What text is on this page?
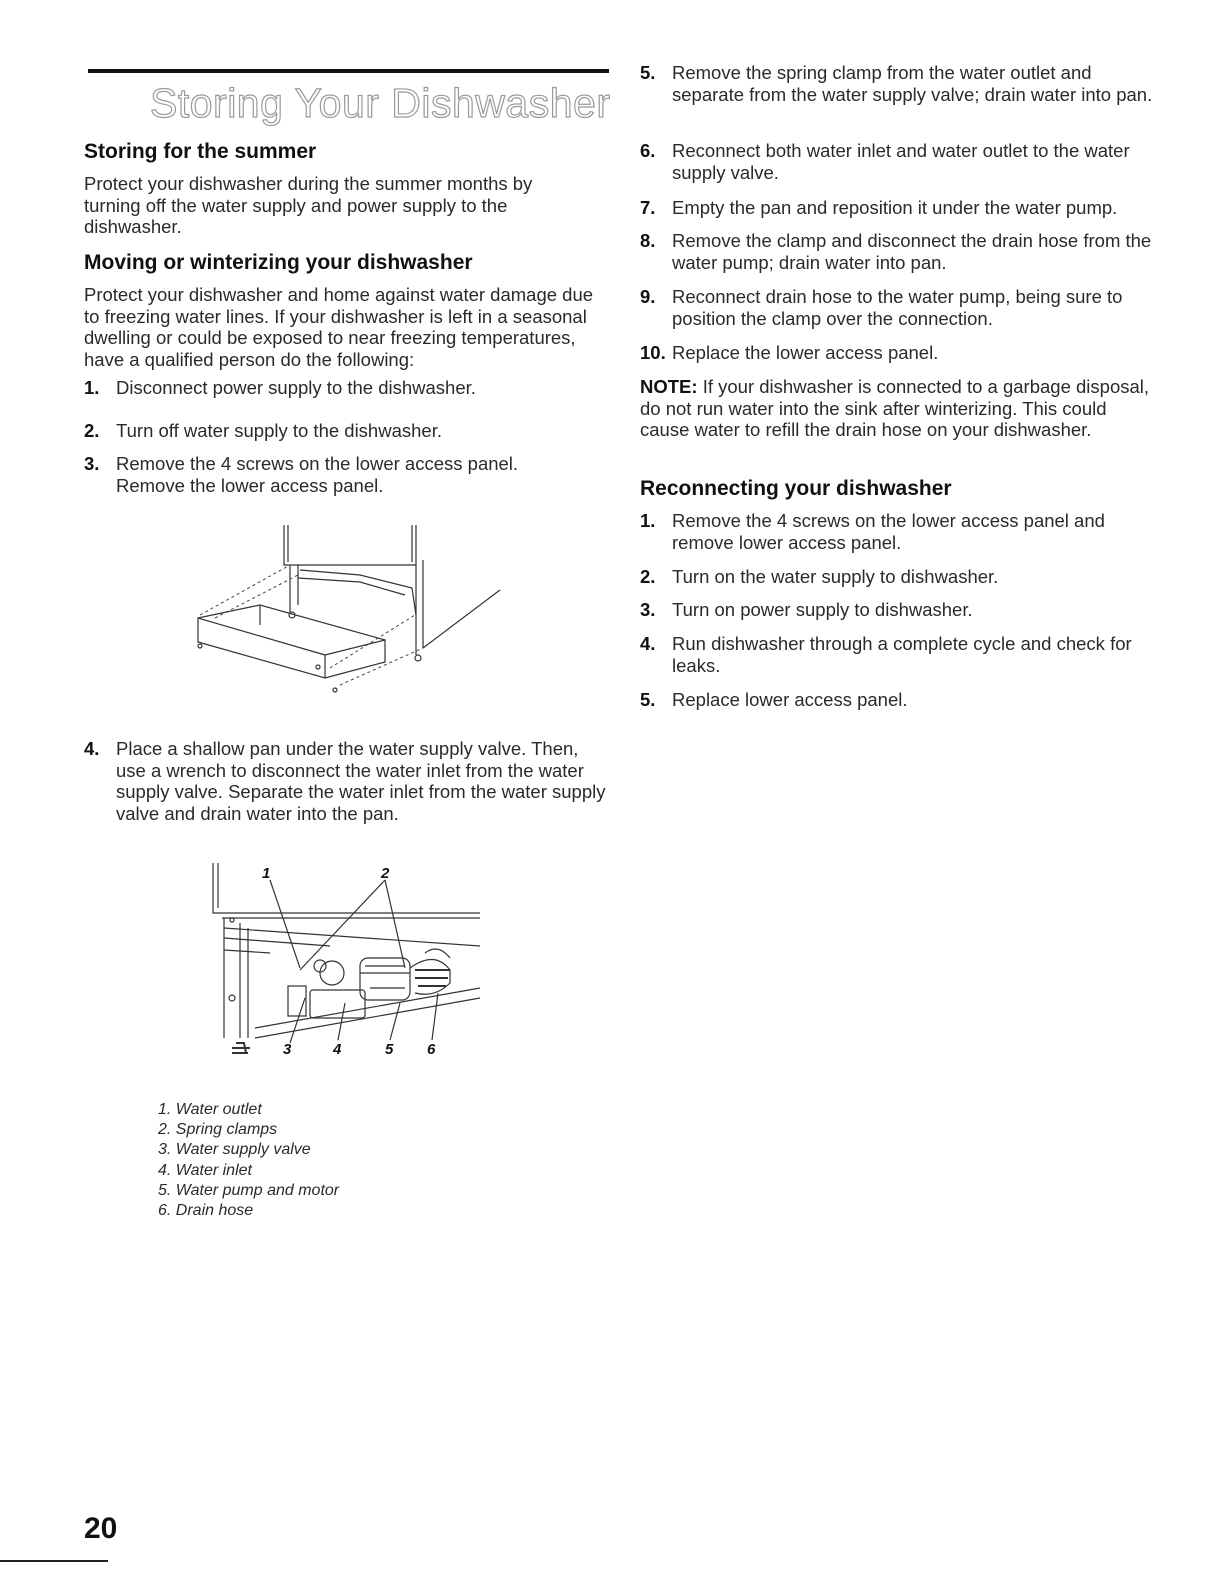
Storing Your Dishwasher
Storing for the summer

Protect your dishwasher during the summer months by turning off the water supply and power supply to the dishwasher.

Moving or winterizing your dishwasher

Protect your dishwasher and home against water damage due to freezing water lines. If your dishwasher is left in a seasonal dwelling or could be exposed to near freezing temperatures, have a qualified person do the following:

1. Disconnect power supply to the dishwasher.
2. Turn off water supply to the dishwasher.
3. Remove the 4 screws on the lower access panel. Remove the lower access panel.
4. Place a shallow pan under the water supply valve. Then, use a wrench to disconnect the water inlet from the water supply valve. Separate the water inlet from the water supply valve and drain water into the pan.
1	2
3	4	5 6
1. Water outlet
2. Spring clamps
3. Water supply valve
4. Water inlet
5. Water pump and motor
6. Drain hose
5. Remove the spring clamp from the water outlet and separate from the water supply valve; drain water into pan.
6. Reconnect both water inlet and water outlet to the water supply valve.
7. Empty the pan and reposition it under the water pump.
8. Remove the clamp and disconnect the drain hose from the water pump; drain water into pan.
9. Reconnect drain hose to the water pump, being sure to position the clamp over the connection.
10. Replace the lower access panel.

NOTE: If your dishwasher is connected to a garbage disposal, do not run water into the sink after winterizing. This could cause water to refill the drain hose on your dishwasher.

Reconnecting your dishwasher
1. Remove the 4 screws on the lower access panel and remove lower access panel.
2. Turn on the water supply to dishwasher.
3. Turn on power supply to dishwasher.
4. Run dishwasher through a complete cycle and check for leaks.
5. Replace lower access panel.
20
